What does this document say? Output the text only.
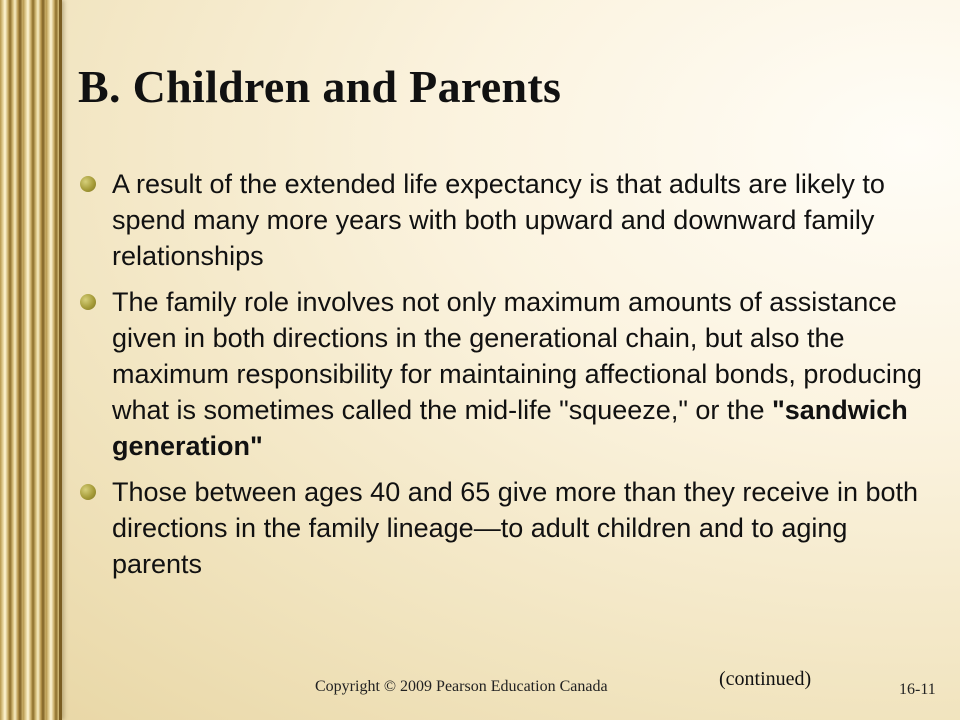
B. Children and Parents
A result of the extended life expectancy is that adults are likely to spend many more years with both upward and downward family relationships
The family role involves not only maximum amounts of assistance given in both directions in the generational chain, but also the maximum responsibility for maintaining affectional bonds, producing what is sometimes called the mid-life "squeeze," or the "sandwich generation"
Those between ages 40 and 65 give more than they receive in both directions in the family lineage—to adult children and to aging parents
(continued)
Copyright © 2009 Pearson Education Canada	16-11
